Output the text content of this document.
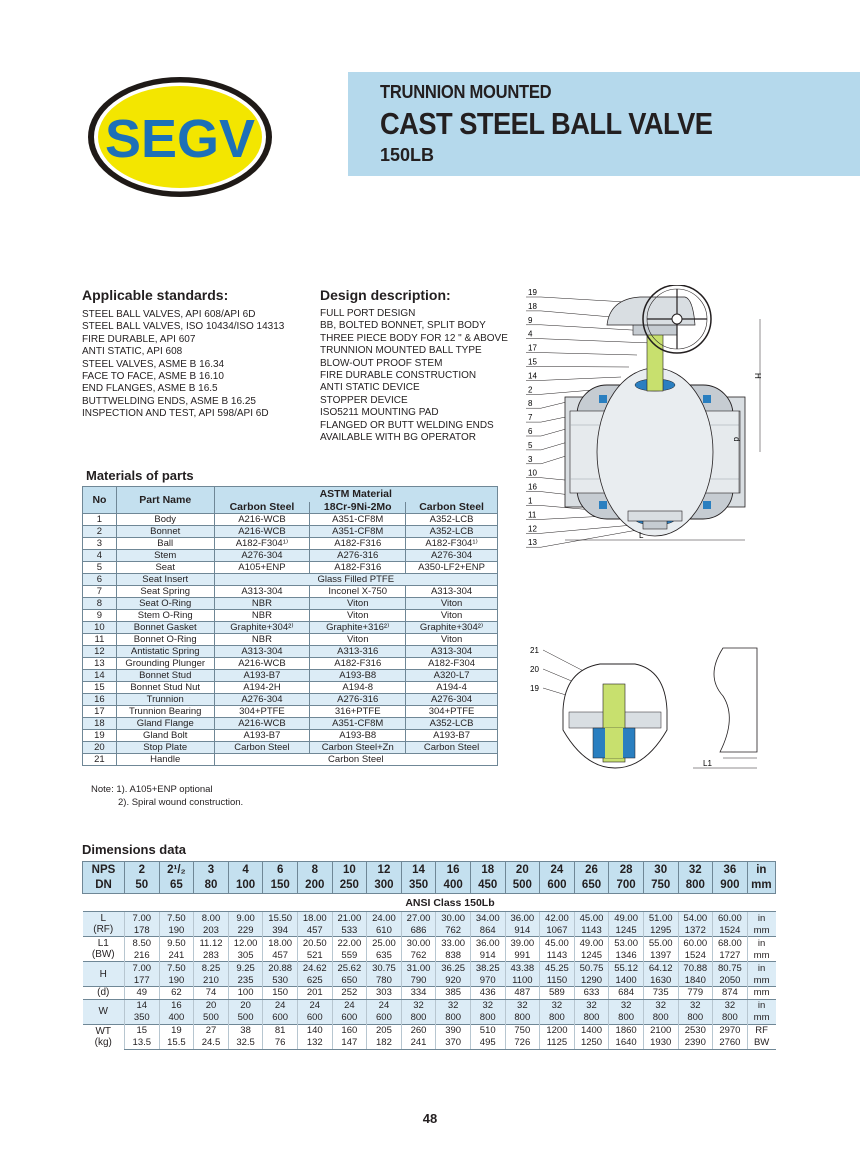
SEGV
TRUNNION MOUNTED
CAST STEEL BALL VALVE
150LB
Applicable standards:
STEEL BALL VALVES, API 608/API 6D
STEEL BALL VALVES, ISO 10434/ISO 14313
FIRE DURABLE, API 607
ANTI STATIC, API 608
STEEL VALVES, ASME B 16.34
FACE TO FACE, ASME B 16.10
END FLANGES, ASME B 16.5
BUTTWELDING ENDS, ASME B 16.25
INSPECTION AND TEST, API 598/API 6D
Design description:
FULL PORT DESIGN
BB, BOLTED BONNET, SPLIT BODY
THREE PIECE BODY FOR 12 " & ABOVE
TRUNNION MOUNTED BALL TYPE
BLOW-OUT PROOF STEM
FIRE DURABLE CONSTRUCTION
ANTI STATIC DEVICE
STOPPER DEVICE
ISO5211 MOUNTING PAD
FLANGED OR BUTT WELDING ENDS
AVAILABLE WITH BG OPERATOR
19
18
9
4
17
15
14
2
8
7
6
5
3
10
16
1
11
12
13
H
d
L
21
20
19
L1
Materials of parts
No	Part Name	ASTM Material		
		Carbon Steel	18Cr-9Ni-2Mo	Carbon Steel
1	Body	A216-WCB	A351-CF8M	A352-LCB
2	Bonnet	A216-WCB	A351-CF8M	A352-LCB
3	Ball	A182-F304¹⁾	A182-F316	A182-F304¹⁾
4	Stem	A276-304	A276-316	A276-304
5	Seat	A105+ENP	A182-F316	A350-LF2+ENP
6	Seat Insert	Glass Filled PTFE		
7	Seat Spring	A313-304	Inconel X-750	A313-304
8	Seat O-Ring	NBR	Viton	Viton
9	Stem O-Ring	NBR	Viton	Viton
10	Bonnet Gasket	Graphite+304²⁾	Graphite+316²⁾	Graphite+304²⁾
11	Bonnet O-Ring	NBR	Viton	Viton
12	Antistatic Spring	A313-304	A313-316	A313-304
13	Grounding Plunger	A216-WCB	A182-F316	A182-F304
14	Bonnet Stud	A193-B7	A193-B8	A320-L7
15	Bonnet Stud Nut	A194-2H	A194-8	A194-4
16	Trunnion	A276-304	A276-316	A276-304
17	Trunnion Bearing	304+PTFE	316+PTFE	304+PTFE
18	Gland Flange	A216-WCB	A351-CF8M	A352-LCB
19	Gland Bolt	A193-B7	A193-B8	A193-B7
20	Stop Plate	Carbon Steel	Carbon Steel+Zn	Carbon Steel
21	Handle	Carbon Steel		
Note: 1). A105+ENP optional
2). Spiral wound construction.
Dimensions data
NPS	2	2¹/₂	3	4	6	8	10	12	14	16	18	20	24	26	28	30	32	36	in
DN	50	65	80	100	150	200	250	300	350	400	450	500	600	650	700	750	800	900	mm
	ANSI Class 150Lb																		

L
(RF)	7.00	7.50	8.00	9.00	15.50	18.00	21.00	24.00	27.00	30.00	34.00	36.00	42.00	45.00	49.00	51.00	54.00	60.00	in
	178	190	203	229	394	457	533	610	686	762	864	914	1067	1143	1245	1295	1372	1524	mm

L1
(BW)	8.50	9.50	11.12	12.00	18.00	20.50	22.00	25.00	30.00	33.00	36.00	39.00	45.00	49.00	53.00	55.00	60.00	68.00	in
	216	241	283	305	457	521	559	635	762	838	914	991	1143	1245	1346	1397	1524	1727	mm

H	7.00	7.50	8.25	9.25	20.88	24.62	25.62	30.75	31.00	36.25	38.25	43.38	45.25	50.75	55.12	64.12	70.88	80.75	in
	177	190	210	235	530	625	650	780	790	920	970	1100	1150	1290	1400	1630	1840	2050	mm
(d)	49	62	74	100	150	201	252	303	334	385	436	487	589	633	684	735	779	874	mm

W	14	16	20	20	24	24	24	24	32	32	32	32	32	32	32	32	32	32	in
	350	400	500	500	600	600	600	600	800	800	800	800	800	800	800	800	800	800	mm

WT
(kg)	15	19	27	38	81	140	160	205	260	390	510	750	1200	1400	1860	2100	2530	2970	RF
	13.5	15.5	24.5	32.5	76	132	147	182	241	370	495	726	1125	1250	1640	1930	2390	2760	BW
48
